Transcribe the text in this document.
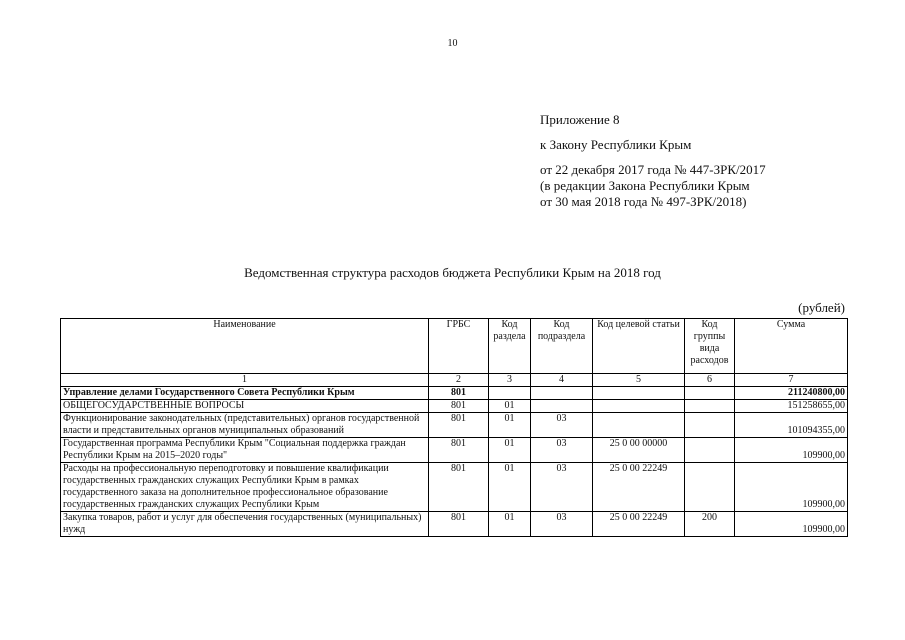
10
Приложение 8
к Закону Республики Крым
от 22 декабря 2017 года № 447-ЗРК/2017
(в редакции Закона Республики Крым
от 30 мая 2018 года № 497-ЗРК/2018)
Ведомственная структура расходов бюджета Республики Крым на 2018 год
(рублей)
Наименование	ГРБС	Код раздела	Код подраздела	Код целевой статьи	Код группы вида расходов	Сумма
1	2	3	4	5	6	7
Управление делами Государственного Совета Республики Крым	801					211240800,00
ОБЩЕГОСУДАРСТВЕННЫЕ ВОПРОСЫ	801	01				151258655,00
Функционирование законодательных (представительных) органов государственной власти и представительных органов муниципальных образований	801	01	03			101094355,00
Государственная программа Республики Крым "Социальная поддержка граждан Республики Крым на 2015–2020 годы"	801	01	03	25 0 00 00000		109900,00
Расходы на профессиональную переподготовку и повышение квалификации государственных гражданских служащих Республики Крым в рамках государственного заказа на дополнительное профессиональное образование государственных гражданских служащих Республики Крым	801	01	03	25 0 00 22249		109900,00
Закупка товаров, работ и услуг для обеспечения государственных (муниципальных) нужд	801	01	03	25 0 00 22249	200	109900,00
